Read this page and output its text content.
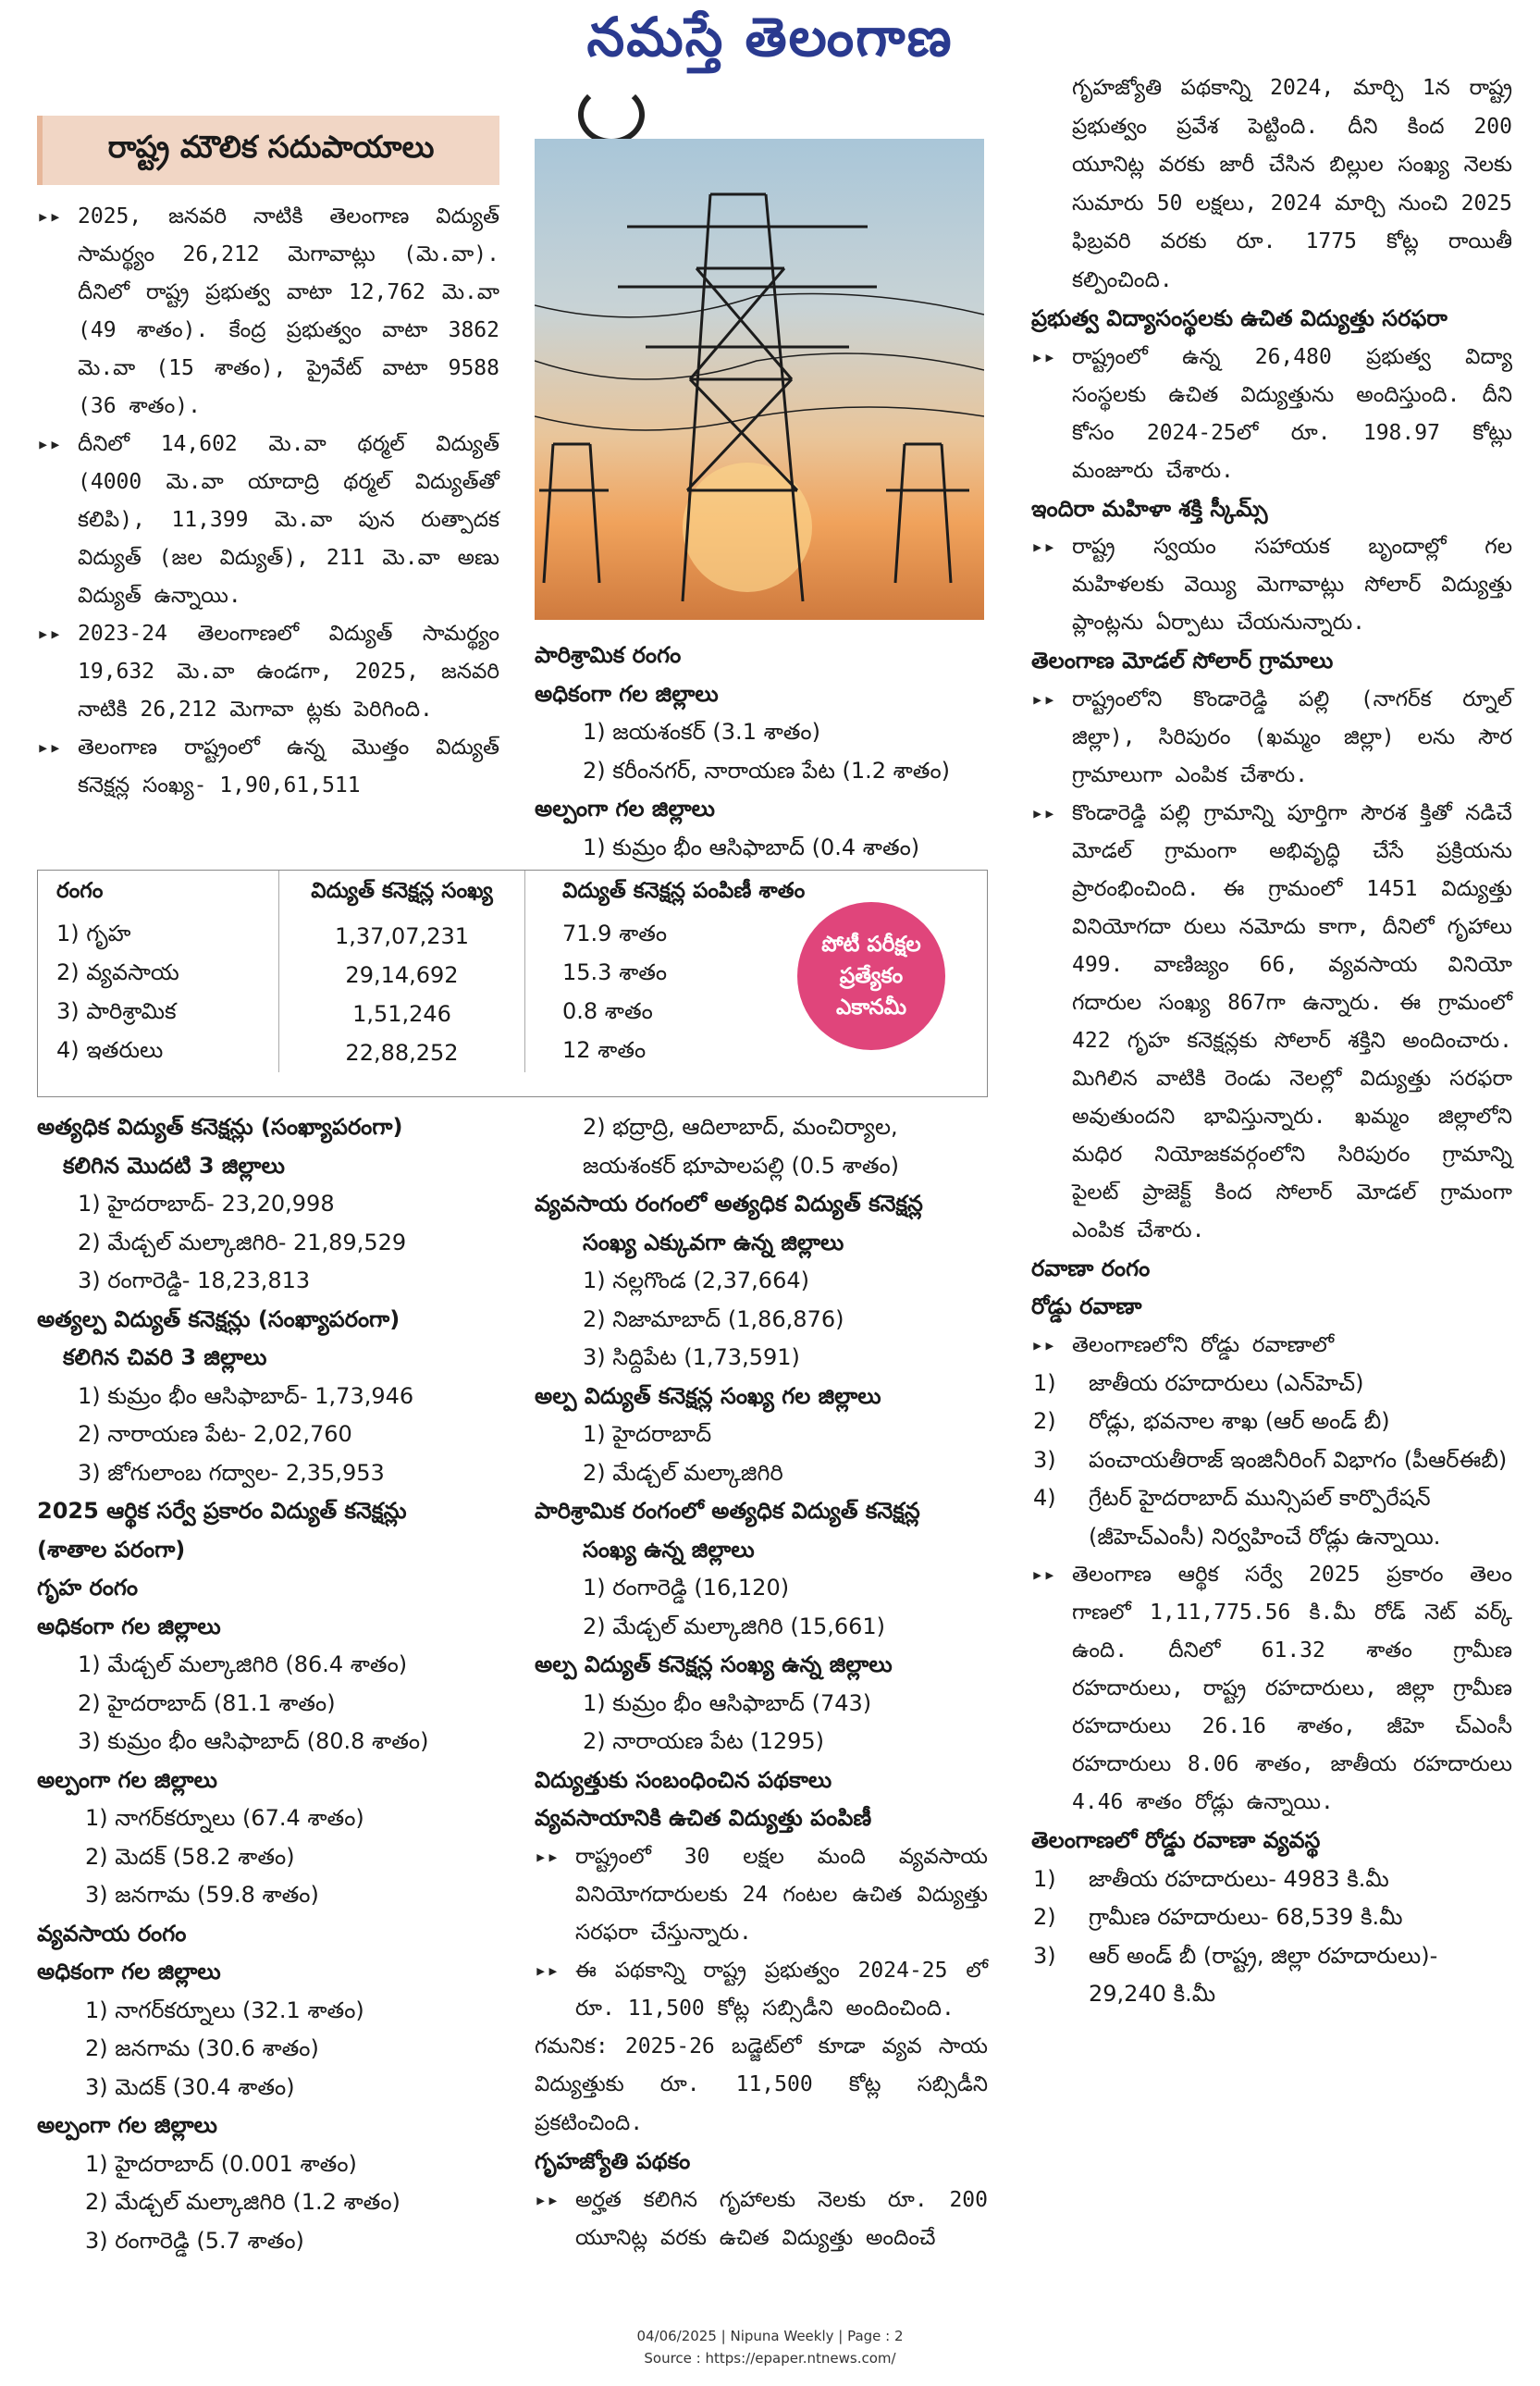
నమస్తే తెలంగాణ
రాష్ట్ర మౌలిక సదుపాయాలు

▸▸ 2025, జనవరి నాటికి తెలంగాణ విద్యుత్ సామర్థ్యం 26,212 మెగావాట్లు (మె.వా). దీనిలో రాష్ట్ర ప్రభుత్వ వాటా 12,762 మె.వా (49 శాతం). కేంద్ర ప్రభుత్వం వాటా 3862 మె.వా (15 శాతం), ప్రైవేట్ వాటా 9588 (36 శాతం).

▸▸ దీనిలో 14,602 మె.వా థర్మల్ విద్యుత్ (4000 మె.వా యాదాద్రి థర్మల్ విద్యుత్‌తో కలిపి), 11,399 మె.వా పున రుత్పాదక విద్యుత్ (జల విద్యుత్), 211 మె.వా అణు విద్యుత్ ఉన్నాయి.

▸▸ 2023-24 తెలంగాణలో విద్యుత్ సామర్థ్యం 19,632 మె.వా ఉండగా, 2025, జనవరి నాటికి 26,212 మెగావా ట్లకు పెరిగింది.

▸▸ తెలంగాణ రాష్ట్రంలో ఉన్న మొత్తం విద్యుత్ కనెక్షన్ల సంఖ్య- 1,90,61,511

రంగం	విద్యుత్ కనెక్షన్ల సంఖ్య	విద్యుత్ కనెక్షన్ల పంపిణీ శాతం
1) గృహ	1,37,07,231	71.9 శాతం
2) వ్యవసాయ	29,14,692	15.3 శాతం
3) పారిశ్రామిక	1,51,246	0.8 శాతం
4) ఇతరులు	22,88,252	12 శాతం
పోటీ పరీక్షల
ప్రత్యేకం
ఎకానమీ

అత్యధిక విద్యుత్ కనెక్షన్లు (సంఖ్యాపరంగా)

కలిగిన మొదటి 3 జిల్లాలు

1) హైదరాబాద్- 23,20,998

2) మేడ్చల్ మల్కాజిగిరి- 21,89,529

3) రంగారెడ్డి- 18,23,813

అత్యల్ప విద్యుత్ కనెక్షన్లు (సంఖ్యాపరంగా)

కలిగిన చివరి 3 జిల్లాలు

1) కుమ్రం భీం ఆసిఫాబాద్- 1,73,946

2) నారాయణ పేట- 2,02,760

3) జోగులాంబ గద్వాల- 2,35,953

2025 ఆర్థిక సర్వే ప్రకారం విద్యుత్ కనెక్షన్లు

(శాతాల పరంగా)

గృహ రంగం

అధికంగా గల జిల్లాలు

1) మేడ్చల్ మల్కాజిగిరి (86.4 శాతం)

2) హైదరాబాద్ (81.1 శాతం)

3) కుమ్రం భీం ఆసిఫాబాద్ (80.8 శాతం)

అల్పంగా గల జిల్లాలు

1) నాగర్‌కర్నూలు (67.4 శాతం)

2) మెదక్ (58.2 శాతం)

3) జనగామ (59.8 శాతం)

వ్యవసాయ రంగం

అధికంగా గల జిల్లాలు

1) నాగర్‌కర్నూలు (32.1 శాతం)

2) జనగామ (30.6 శాతం)

3) మెదక్ (30.4 శాతం)

అల్పంగా గల జిల్లాలు

1) హైదరాబాద్ (0.001 శాతం)

2) మేడ్చల్ మల్కాజిగిరి (1.2 శాతం)

3) రంగారెడ్డి (5.7 శాతం)

పారిశ్రామిక రంగం

అధికంగా గల జిల్లాలు

1) జయశంకర్ (3.1 శాతం)

2) కరీంనగర్, నారాయణ పేట (1.2 శాతం)

అల్పంగా గల జిల్లాలు

1) కుమ్రం భీం ఆసిఫాబాద్ (0.4 శాతం)

2) భద్రాద్రి, ఆదిలాబాద్, మంచిర్యాల,

జయశంకర్ భూపాలపల్లి (0.5 శాతం)

వ్యవసాయ రంగంలో అత్యధిక విద్యుత్ కనెక్షన్ల

సంఖ్య ఎక్కువగా ఉన్న జిల్లాలు

1) నల్లగొండ (2,37,664)

2) నిజామాబాద్ (1,86,876)

3) సిద్దిపేట (1,73,591)

అల్ప విద్యుత్ కనెక్షన్ల సంఖ్య గల జిల్లాలు

1) హైదరాబాద్

2) మేడ్చల్ మల్కాజిగిరి

పారిశ్రామిక రంగంలో అత్యధిక విద్యుత్ కనెక్షన్ల

సంఖ్య ఉన్న జిల్లాలు

1) రంగారెడ్డి (16,120)

2) మేడ్చల్ మల్కాజిగిరి (15,661)

అల్ప విద్యుత్ కనెక్షన్ల సంఖ్య ఉన్న జిల్లాలు

1) కుమ్రం భీం ఆసిఫాబాద్ (743)

2) నారాయణ పేట (1295)

విద్యుత్తుకు సంబంధించిన పథకాలు

వ్యవసాయానికి ఉచిత విద్యుత్తు పంపిణీ

▸▸ రాష్ట్రంలో 30 లక్షల మంది వ్యవసాయ వినియోగదారులకు 24 గంటల ఉచిత విద్యుత్తు సరఫరా చేస్తున్నారు.

▸▸ ఈ పథకాన్ని రాష్ట్ర ప్రభుత్వం 2024-25 లో రూ. 11,500 కోట్ల సబ్సిడీని అందించింది.

గమనిక: 2025-26 బడ్జెట్‌లో కూడా వ్యవ సాయ విద్యుత్తుకు రూ. 11,500 కోట్ల సబ్సిడీని ప్రకటించింది.

గృహజ్యోతి పథకం

▸▸ అర్హత కలిగిన గృహాలకు నెలకు రూ. 200 యూనిట్ల వరకు ఉచిత విద్యుత్తు అందించే

గృహజ్యోతి పథకాన్ని 2024, మార్చి 1న రాష్ట్ర ప్రభుత్వం ప్రవేశ పెట్టింది. దీని కింద 200 యూనిట్ల వరకు జారీ చేసిన బిల్లుల సంఖ్య నెలకు సుమారు 50 లక్షలు, 2024 మార్చి నుంచి 2025 ఫిబ్రవరి వరకు రూ. 1775 కోట్ల రాయితీ కల్పించింది.

ప్రభుత్వ విద్యాసంస్థలకు ఉచిత విద్యుత్తు సరఫరా

▸▸ రాష్ట్రంలో ఉన్న 26,480 ప్రభుత్వ విద్యా సంస్థలకు ఉచిత విద్యుత్తును అందిస్తుంది. దీని కోసం 2024-25లో రూ. 198.97 కోట్లు మంజూరు చేశారు.

ఇందిరా మహిళా శక్తి స్కీమ్స్

▸▸ రాష్ట్ర స్వయం సహాయక బృందాల్లో గల మహిళలకు వెయ్యి మెగావాట్లు సోలార్ విద్యుత్తు ప్లాంట్లను ఏర్పాటు చేయనున్నారు.

తెలంగాణ మోడల్ సోలార్ గ్రామాలు

▸▸ రాష్ట్రంలోని కొండారెడ్డి పల్లి (నాగర్‌క ర్నూల్ జిల్లా), సిరిపురం (ఖమ్మం జిల్లా) లను సౌర గ్రామాలుగా ఎంపిక చేశారు.

▸▸ కొండారెడ్డి పల్లి గ్రామాన్ని పూర్తిగా సౌరశ క్తితో నడిచే మోడల్ గ్రామంగా అభివృద్ధి చేసే ప్రక్రియను ప్రారంభించింది. ఈ గ్రామంలో 1451 విద్యుత్తు వినియోగదా రులు నమోదు కాగా, దీనిలో గృహాలు 499. వాణిజ్యం 66, వ్యవసాయ వినియో గదారుల సంఖ్య 867గా ఉన్నారు. ఈ గ్రామంలో 422 గృహ కనెక్షన్లకు సోలార్ శక్తిని అందించారు. మిగిలిన వాటికి రెండు నెలల్లో విద్యుత్తు సరఫరా అవుతుందని భావిస్తున్నారు. ఖమ్మం జిల్లాలోని మధిర నియోజకవర్గంలోని సిరిపురం గ్రామాన్ని పైలట్ ప్రాజెక్ట్ కింద సోలార్ మోడల్ గ్రామంగా ఎంపిక చేశారు.

రవాణా రంగం

రోడ్డు రవాణా

▸▸ తెలంగాణలోని రోడ్డు రవాణాలో

1)	జాతీయ రహదారులు (ఎన్‌హెచ్)

2)	రోడ్లు, భవనాల శాఖ (ఆర్ అండ్ బీ)

3)	పంచాయతీరాజ్ ఇంజినీరింగ్ విభాగం (పీఆర్‌ఈబీ)

4)	గ్రేటర్ హైదరాబాద్ మున్సిపల్ కార్పొరేషన్ (జీహెచ్‌ఎంసీ) నిర్వహించే రోడ్లు ఉన్నాయి.

▸▸ తెలంగాణ ఆర్థిక సర్వే 2025 ప్రకారం తెలం గాణలో 1,11,775.56 కి.మీ రోడ్ నెట్ వర్క్ ఉంది. దీనిలో 61.32 శాతం గ్రామీణ రహదారులు, రాష్ట్ర రహదారులు, జిల్లా గ్రామీణ రహదారులు 26.16 శాతం, జీహె చ్‌ఎంసీ రహదారులు 8.06 శాతం, జాతీయ రహదారులు 4.46 శాతం రోడ్లు ఉన్నాయి.

తెలంగాణలో రోడ్డు రవాణా వ్యవస్థ

1)	జాతీయ రహదారులు- 4983 కి.మీ

2)	గ్రామీణ రహదారులు- 68,539 కి.మీ

3)	ఆర్ అండ్ బీ (రాష్ట్ర, జిల్లా రహదారులు)- 29,240 కి.మీ

04/06/2025 | Nipuna Weekly | Page : 2
Source : https://epaper.ntnews.com/
